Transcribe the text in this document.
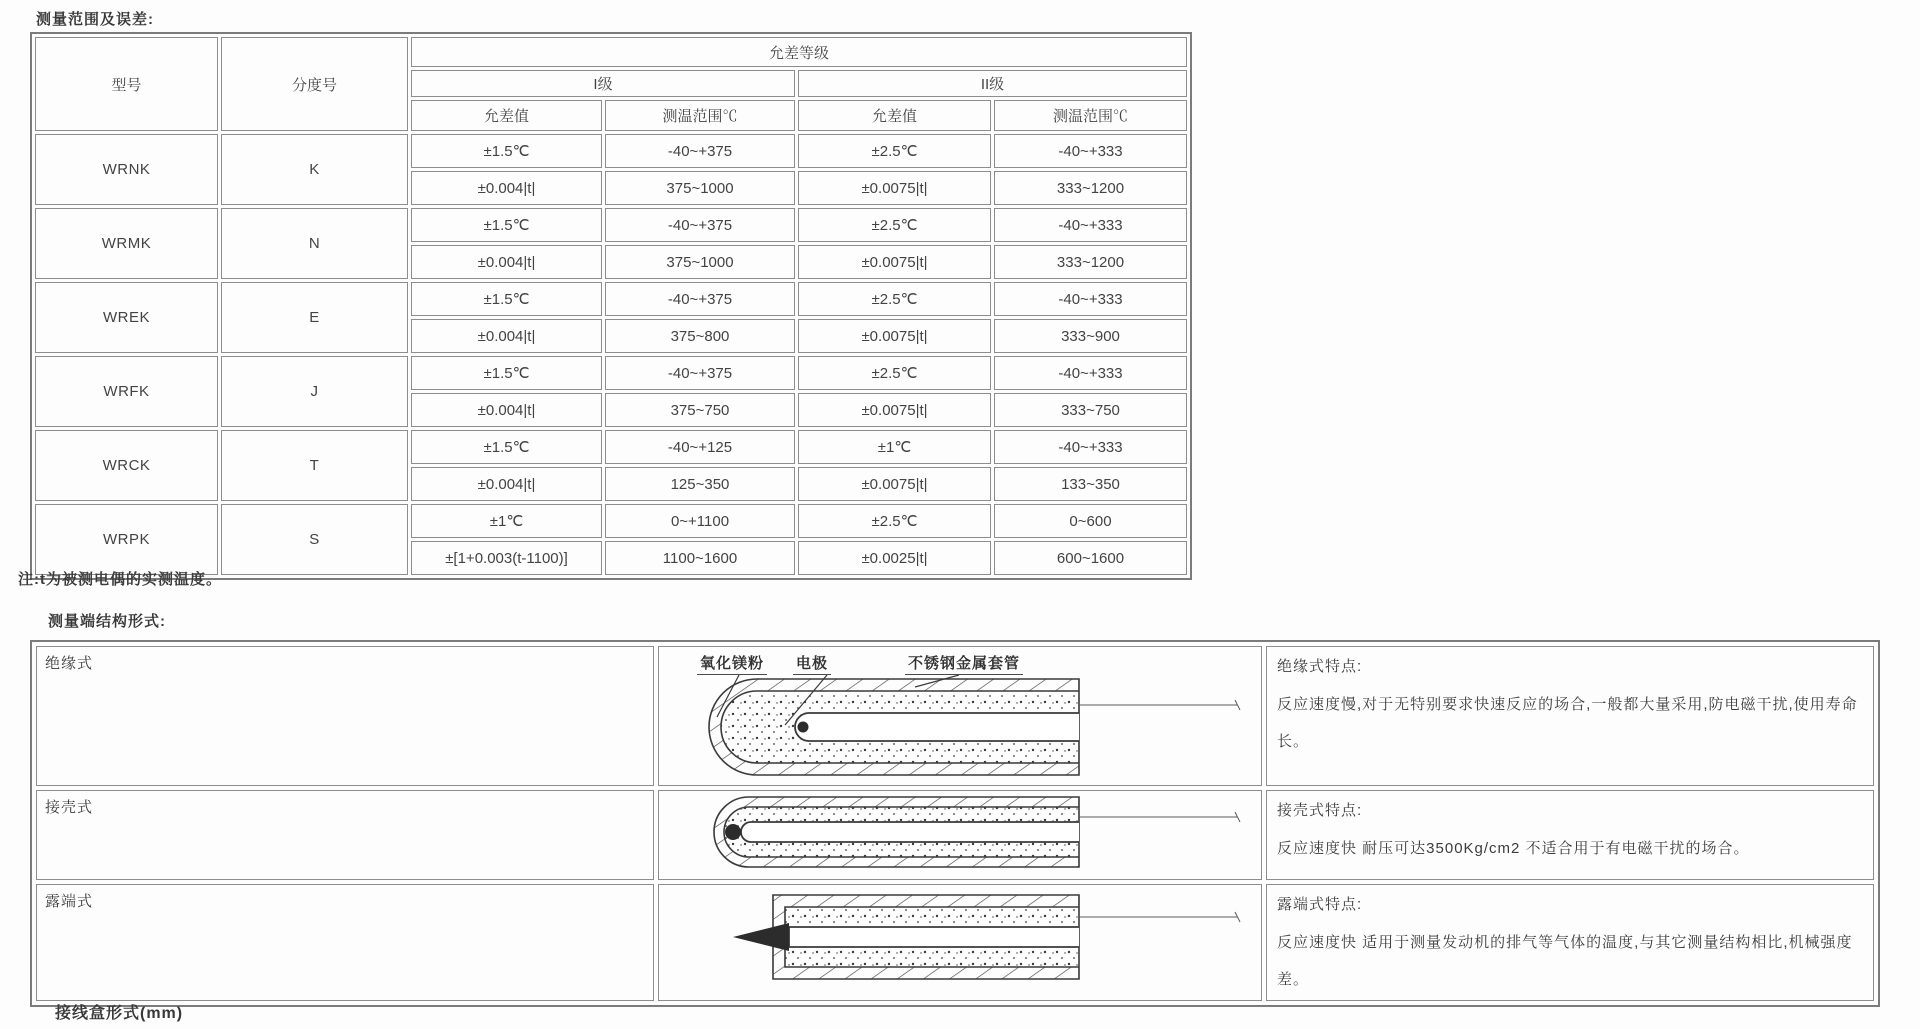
测量范围及误差:
型号	分度号	允差等级			
		I级		II级	
		允差值	测温范围℃	允差值	测温范围℃
WRNK	K	±1.5℃	-40~+375	±2.5℃	-40~+333
		±0.004|t|	375~1000	±0.0075|t|	333~1200
WRMK	N	±1.5℃	-40~+375	±2.5℃	-40~+333
		±0.004|t|	375~1000	±0.0075|t|	333~1200
WREK	E	±1.5℃	-40~+375	±2.5℃	-40~+333
		±0.004|t|	375~800	±0.0075|t|	333~900
WRFK	J	±1.5℃	-40~+375	±2.5℃	-40~+333
		±0.004|t|	375~750	±0.0075|t|	333~750
WRCK	T	±1.5℃	-40~+125	±1℃	-40~+333
		±0.004|t|	125~350	±0.0075|t|	133~350
WRPK	S	±1℃	0~+1100	±2.5℃	0~600
		±[1+0.003(t-1100)]	1100~1600	±0.0025|t|	600~1600
注:t为被测电偶的实测温度。
测量端结构形式:
绝缘式	氧化镁粉 电极	不锈钢金属套管	绝缘式特点:
反应速度慢,对于无特别要求快速反应的场合,一般都大量采用,防电磁干扰,使用寿命长。

接壳式		接壳式特点:
反应速度快 耐压可达3500Kg/cm2 不适合用于有电磁干扰的场合。

露端式		露端式特点:
反应速度快 适用于测量发动机的排气等气体的温度,与其它测量结构相比,机械强度差。
接线盒形式(mm)
